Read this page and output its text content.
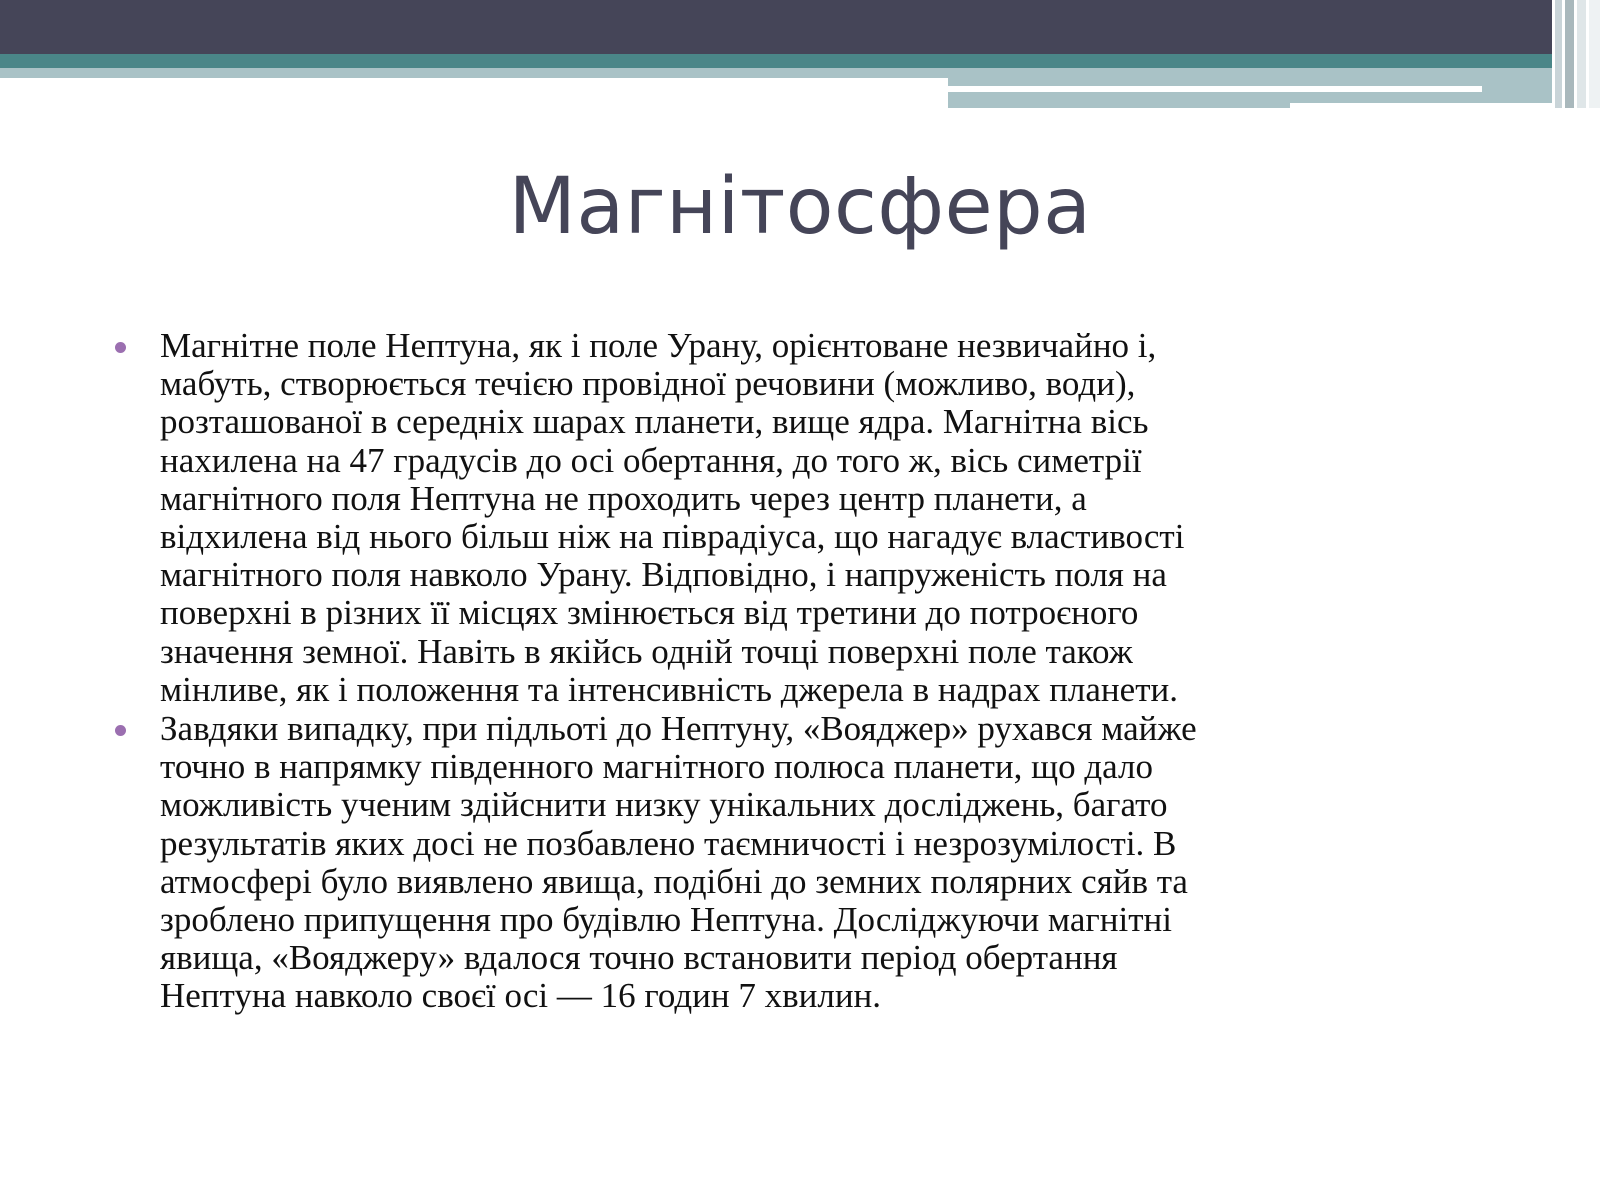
Магнітосфера
Магнітне поле Нептуна, як і поле Урану, орієнтоване незвичайно і,
мабуть, створюється течією провідної речовини (можливо, води),
розташованої в середніх шарах планети, вище ядра. Магнітна вісь
нахилена на 47 градусів до осі обертання, до того ж, вісь симетрії
магнітного поля Нептуна не проходить через центр планети, а
відхилена від нього більш ніж на піврадіуса, що нагадує властивості
магнітного поля навколо Урану. Відповідно, і напруженість поля на
поверхні в різних її місцях змінюється від третини до потроєного
значення земної. Навіть в якійсь одній точці поверхні поле також
мінливе, як і положення та інтенсивність джерела в надрах планети.
Завдяки випадку, при підльоті до Нептуну, «Вояджер» рухався майже
точно в напрямку південного магнітного полюса планети, що дало
можливість ученим здійснити низку унікальних досліджень, багато
результатів яких досі не позбавлено таємничості і незрозумілості. В
атмосфері було виявлено явища, подібні до земних полярних сяйв та
зроблено припущення про будівлю Нептуна. Досліджуючи магнітні
явища, «Вояджеру» вдалося точно встановити період обертання
Нептуна навколо своєї осі — 16 годин 7 хвилин.
